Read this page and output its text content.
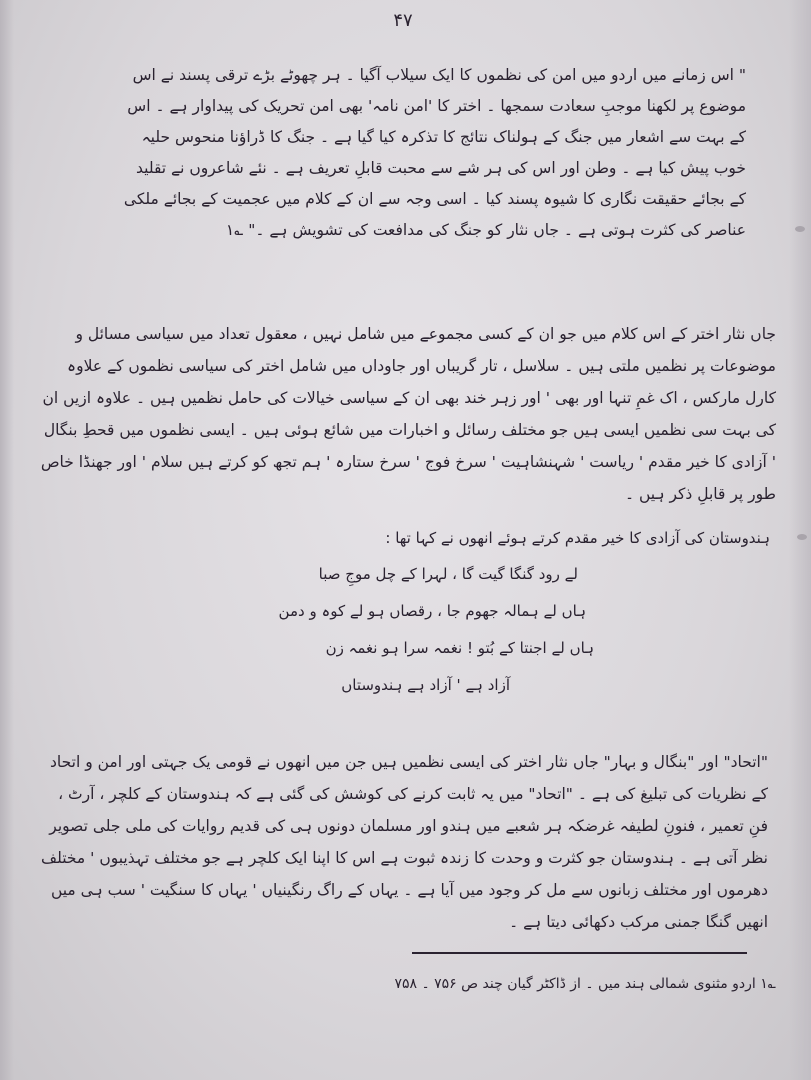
۴۷
" اس زمانے میں اردو میں امن کی نظموں کا ایک سیلاب آگیا ۔ ہر چھوٹے بڑے ترقی پسند نے اس موضوع پر لکھنا موجبِ سعادت سمجھا ۔ اختر کا 'امن نامہ' بھی امن تحریک کی پیداوار ہے ۔ اس کے بہت سے اشعار میں جنگ کے ہولناک نتائج کا تذکرہ کیا گیا ہے ۔ جنگ کا ڈراؤنا منحوس حلیہ خوب پیش کیا ہے ۔ وطن اور اس کی ہر شے سے محبت قابلِ تعریف ہے ۔ نئے شاعروں نے تقلید کے بجائے حقیقت نگاری کا شیوہ پسند کیا ۔ اسی وجہ سے ان کے کلام میں عجمیت کے بجائے ملکی عناصر کی کثرت ہوتی ہے ۔ جاں نثار کو جنگ کی مدافعت کی تشویش ہے ۔" ؎۱
جاں نثار اختر کے اس کلام میں جو ان کے کسی مجموعے میں شامل نہیں ، معقول تعداد میں سیاسی مسائل و موضوعات پر نظمیں ملتی ہیں ۔ سلاسل ، تار گریباں اور جاوداں میں شامل اختر کی سیاسی نظموں کے علاوہ کارل مارکس ، اک غمِ تنہا اور بھی ' اور زہر خند بھی ان کے سیاسی خیالات کی حامل نظمیں ہیں ۔ علاوہ ازیں ان کی بہت سی نظمیں ایسی ہیں جو مختلف رسائل و اخبارات میں شائع ہوئی ہیں ۔ ایسی نظموں میں قحطِ بنگال ' آزادی کا خیر مقدم ' ریاست ' شہنشاہیت ' سرخ فوج ' سرخ ستارہ ' ہم تجھ کو کرتے ہیں سلام ' اور جھنڈا خاص طور پر قابلِ ذکر ہیں ۔
ہندوستان کی آزادی کا خیر مقدم کرتے ہوئے انھوں نے کہا تھا :
لے رود گنگا گیت گا ، لہرا کے چل موجِ صبا
ہاں لے ہمالہ جھوم جا ، رقصاں ہو لے کوہ و دمن
ہاں لے اجنتا کے بُتو ! نغمہ سرا ہو نغمہ زن
آزاد ہے ' آزاد ہے ہندوستاں
"اتحاد" اور "بنگال و بہار" جاں نثار اختر کی ایسی نظمیں ہیں جن میں انھوں نے قومی یک جہتی اور امن و اتحاد کے نظریات کی تبلیغ کی ہے ۔ "اتحاد" میں یہ ثابت کرنے کی کوشش کی گئی ہے کہ ہندوستان کے کلچر ، آرٹ ، فنِ تعمیر ، فنونِ لطیفہ غرضکہ ہر شعبے میں ہندو اور مسلمان دونوں ہی کی قدیم روایات کی ملی جلی تصویر نظر آتی ہے ۔ ہندوستان جو کثرت و وحدت کا زندہ ثبوت ہے اس کا اپنا ایک کلچر ہے جو مختلف تہذیبوں ' مختلف دھرموں اور مختلف زبانوں سے مل کر وجود میں آیا ہے ۔ یہاں کے راگ رنگینیاں ' یہاں کا سنگیت ' سب ہی میں انھیں گنگا جمنی مرکب دکھائی دیتا ہے ۔
؎۱ اردو مثنوی شمالی ہند میں ۔ از ڈاکٹر گیان چند ص ۷۵۶ ۔ ۷۵۸
